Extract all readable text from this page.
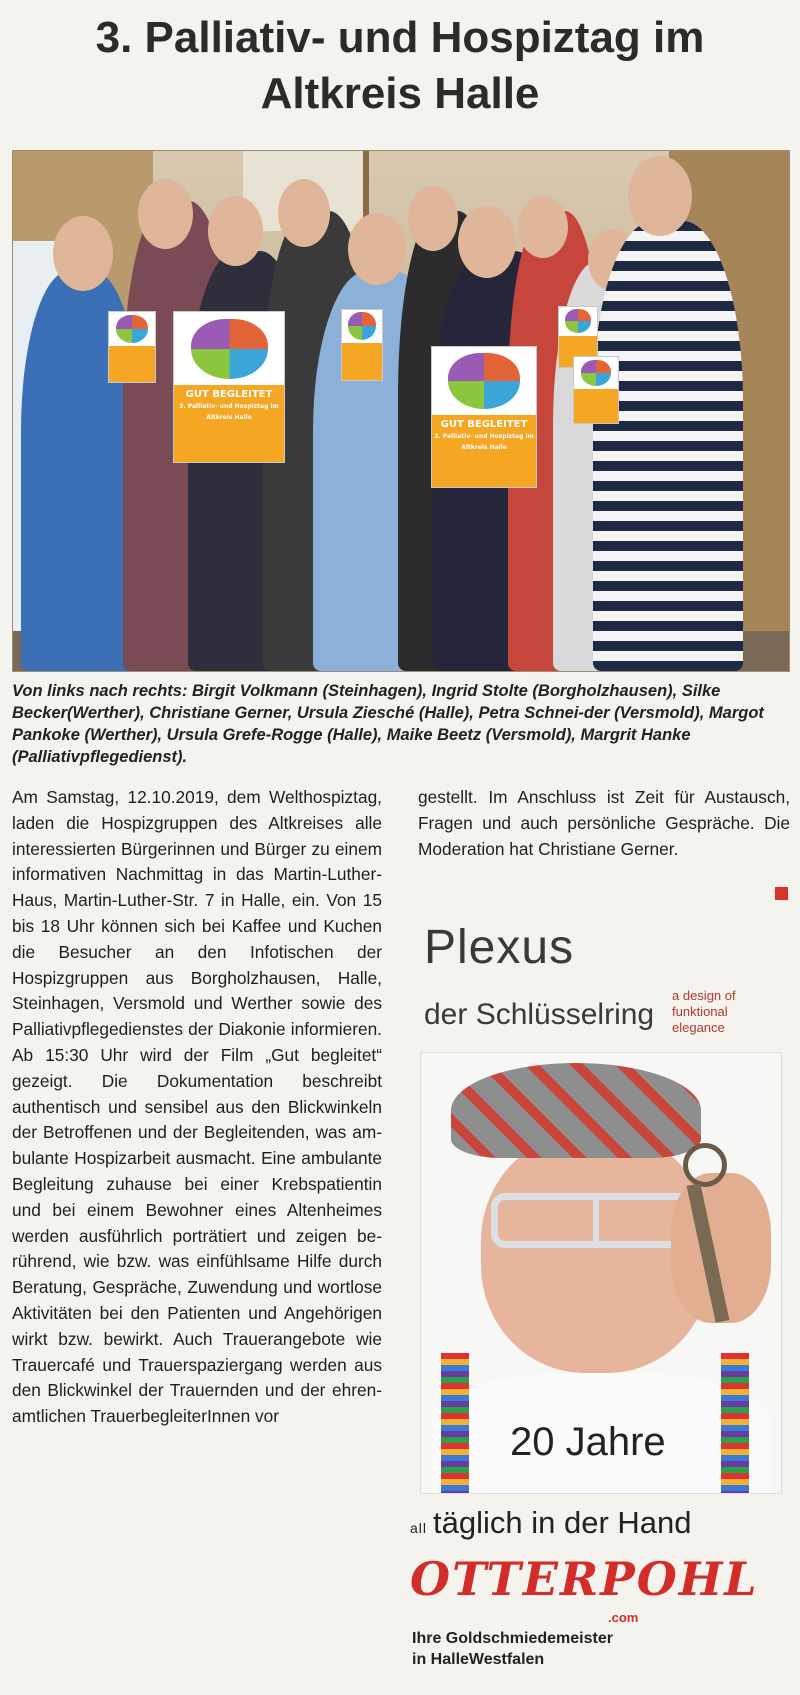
3. Palliativ- und Hospiztag im
Altkreis Halle
GUT BEGLEITET
3. Palliativ- und Hospiztag im Altkreis Halle
GUT BEGLEITET
3. Palliativ- und Hospiztag im Altkreis Halle

Von links nach rechts: Birgit Volkmann (Steinhagen), Ingrid Stolte (Borgholzhausen), Silke Becker(Werther), Christiane Gerner, Ursula Ziesché (Halle), Petra Schnei-der (Versmold), Margot Pankoke (Werther), Ursula Grefe-Rogge (Halle), Maike Beetz (Versmold), Margrit Hanke (Palliativpflegedienst).

Am Samstag, 12.10.2019, dem Welthospiztag, laden die Hospizgruppen des Altkreises alle interessierten Bürgerinnen und Bürger zu einem informativen Nachmittag in das Martin-Luther-Haus, Martin-Luther-Str. 7 in Halle, ein. Von 15 bis 18 Uhr können sich bei Kaffee und Kuchen die Besucher an den Infotischen der Hospizgruppen aus Borgholzhausen, Halle, Steinhagen, Versmold und Werther sowie des Palliativpflegedienstes der Diakonie informieren. Ab 15:30 Uhr wird der Film „Gut begleitet“ gezeigt. Die Dokumentation beschreibt authentisch und sensibel aus den Blickwinkeln der Betroffenen und der Begleitenden, was ambulante Hospizarbeit ausmacht. Eine ambulante Begleitung zuhause bei einer Krebspatientin und bei einem Bewohner eines Altenheimes werden ausführlich porträtiert und zeigen berührend, wie bzw. was einfühlsame Hilfe durch Beratung, Gespräche, Zuwendung und wortlose Aktivitäten bei den Patienten und Angehörigen wirkt bzw. bewirkt. Auch Trauerangebote wie Trauercafé und Trauerspaziergang werden aus den Blickwinkel der Trauernden und der ehrenamtlichen TrauerbegleiterInnen vor

gestellt. Im Anschluss ist Zeit für Austausch, Fragen und auch persönliche Gespräche. Die Moderation hat Christiane Gerner.

Plexus

der Schlüsselring

a design of
funktional
elegance

20 Jahre

all täglich in der Hand

OTTERPOHL

.com

Ihre Goldschmiedemeister
in HalleWestfalen
